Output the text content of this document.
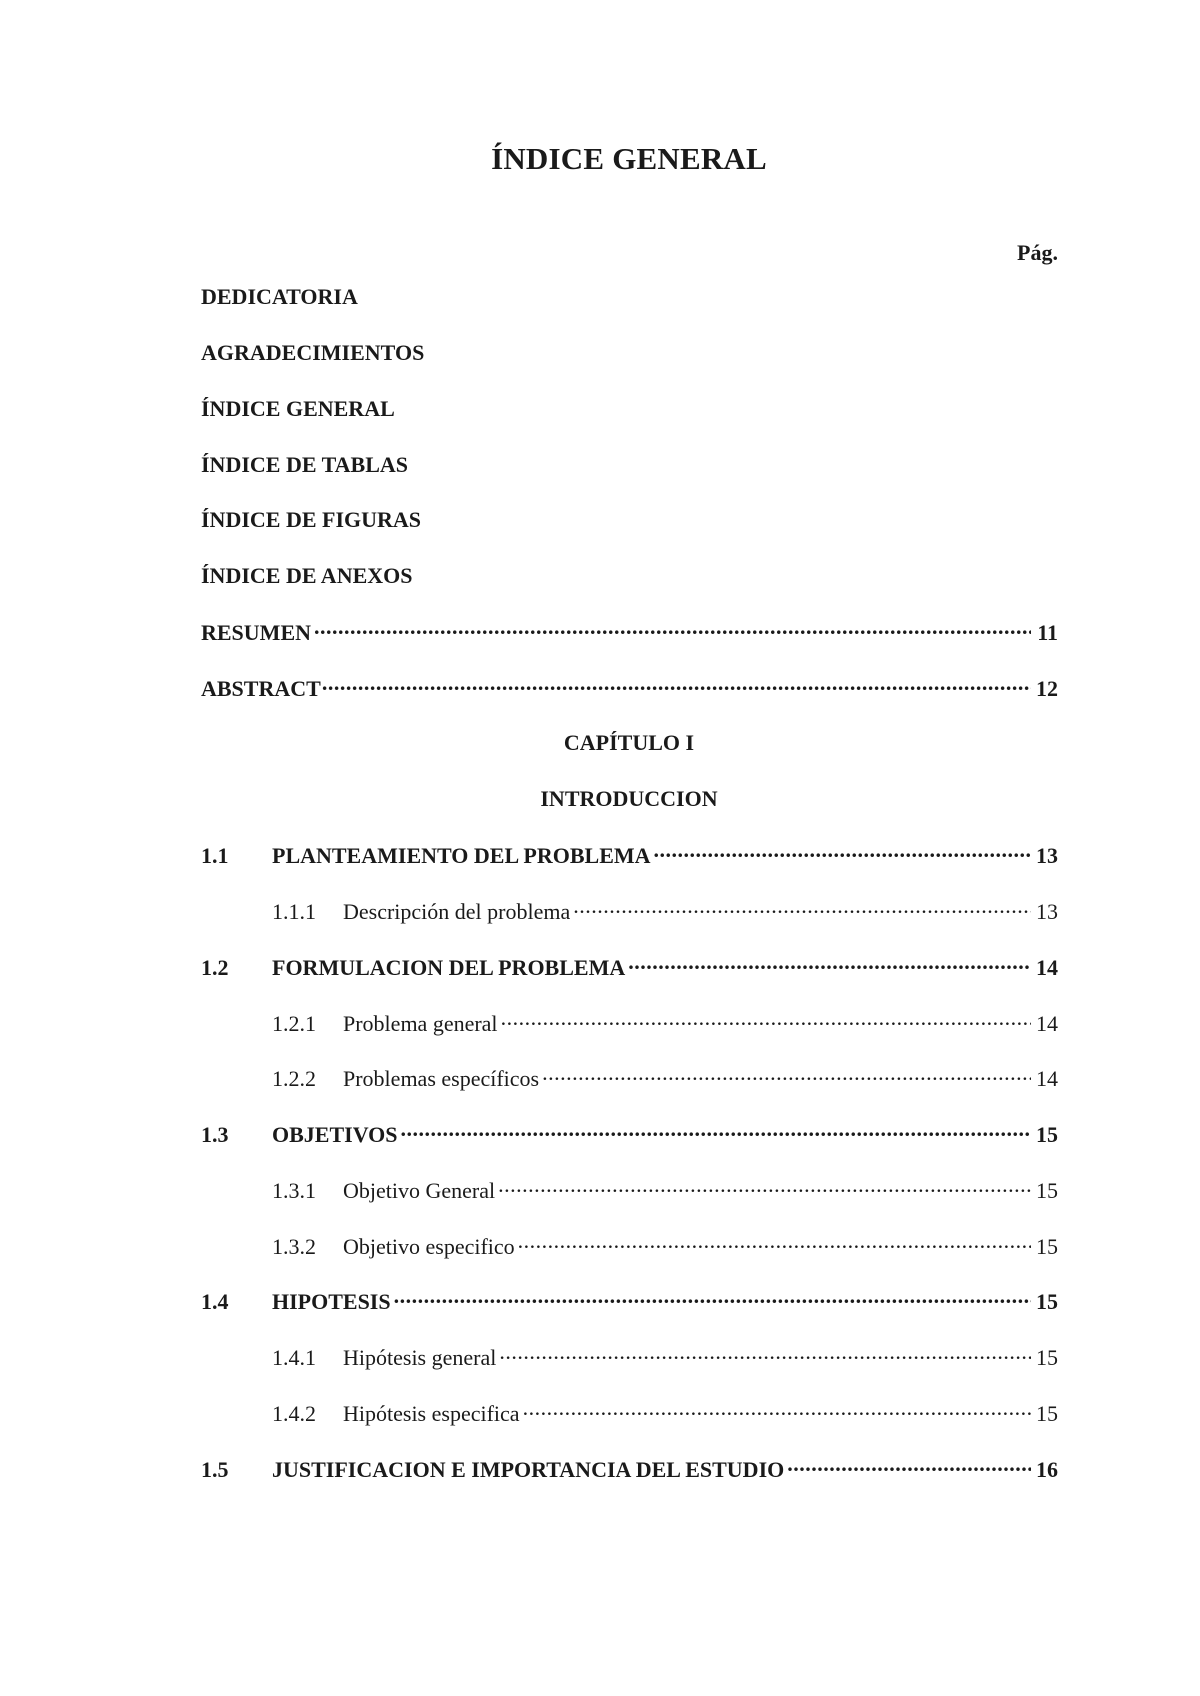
ÍNDICE GENERAL
Pág.
DEDICATORIA
AGRADECIMIENTOS
ÍNDICE GENERAL
ÍNDICE DE TABLAS
ÍNDICE DE FIGURAS
ÍNDICE DE ANEXOS
RESUMEN .....	11
ABSTRACT .....	12
CAPÍTULO I
INTRODUCCION
1.1	PLANTEAMIENTO DEL PROBLEMA .....	13
1.1.1	Descripción del problema .....	13
1.2	FORMULACION DEL PROBLEMA .....	14
1.2.1	Problema general .....	14
1.2.2	Problemas específicos .....	14
1.3	OBJETIVOS .....	15
1.3.1	Objetivo General .....	15
1.3.2	Objetivo especifico .....	15
1.4	HIPOTESIS .....	15
1.4.1	Hipótesis general .....	15
1.4.2	Hipótesis especifica .....	15
1.5	JUSTIFICACION E IMPORTANCIA DEL ESTUDIO .....	16
